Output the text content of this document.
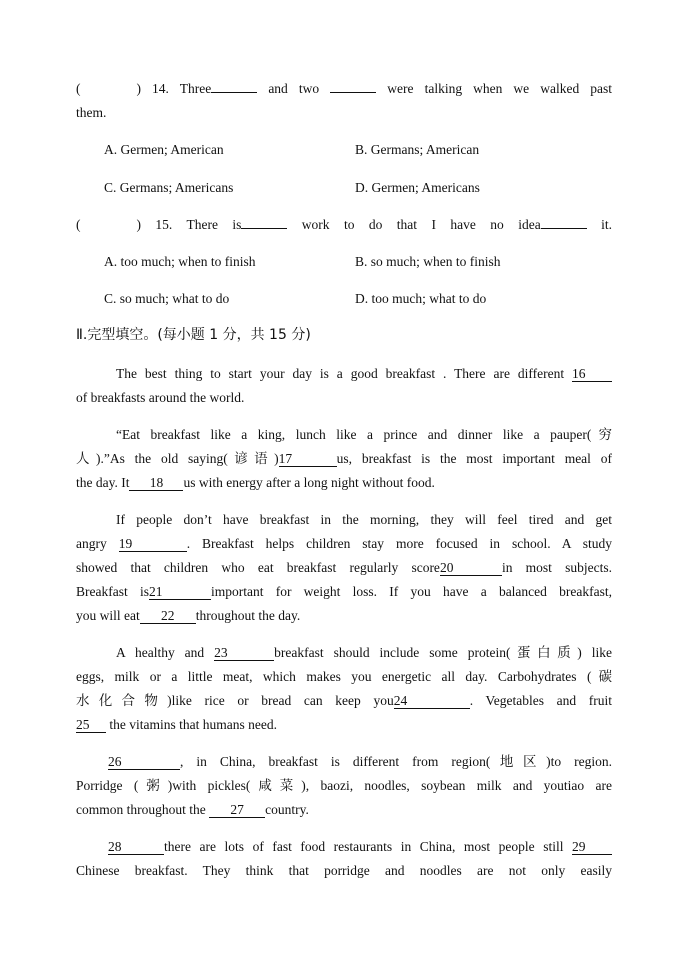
(	) 14. Three	and two	were talking when we walked past
them.
A. Germen; American	B. Germans; American
C. Germans; Americans	D. Germen; Americans
(	) 15. There is	work to do that I have no idea	it.
A. too much; when to finish	B. so much; when to finish
C. so much; what to do	D. too much; what to do
Ⅱ.完型填空。(每小题 1 分，共 15 分)
The best thing to start your day is a good breakfast . There are different 16
of breakfasts around the world.
“Eat breakfast like a king, lunch like a prince and dinner like a pauper(穷
人).”As the old saying(谚语)17	us, breakfast is the most important meal of
the day. It 18 us with energy after a long night without food.
If people don’t have breakfast in the morning, they will feel tired and get
angry 19	. Breakfast helps children stay more focused in school. A study
showed that children who eat breakfast regularly score20	in most subjects.
Breakfast is21	important for weight loss. If you have a balanced breakfast,
you will eat 22 throughout the day.
A healthy and 23	breakfast should include some protein(蛋白质) like
eggs, milk or a little meat, which makes you energetic all day. Carbohydrates (碳
水化合物)like rice or bread can keep you24	. Vegetables and fruit
25 the vitamins that humans need.
26	, in China, breakfast is different from region(地区)to region.
Porridge (粥)with pickles(咸菜), baozi, noodles, soybean milk and youtiao are
common throughout the 27 country.
28	there are lots of fast food restaurants in China, most people still 29
Chinese breakfast. They think that porridge and noodles are not only easily
